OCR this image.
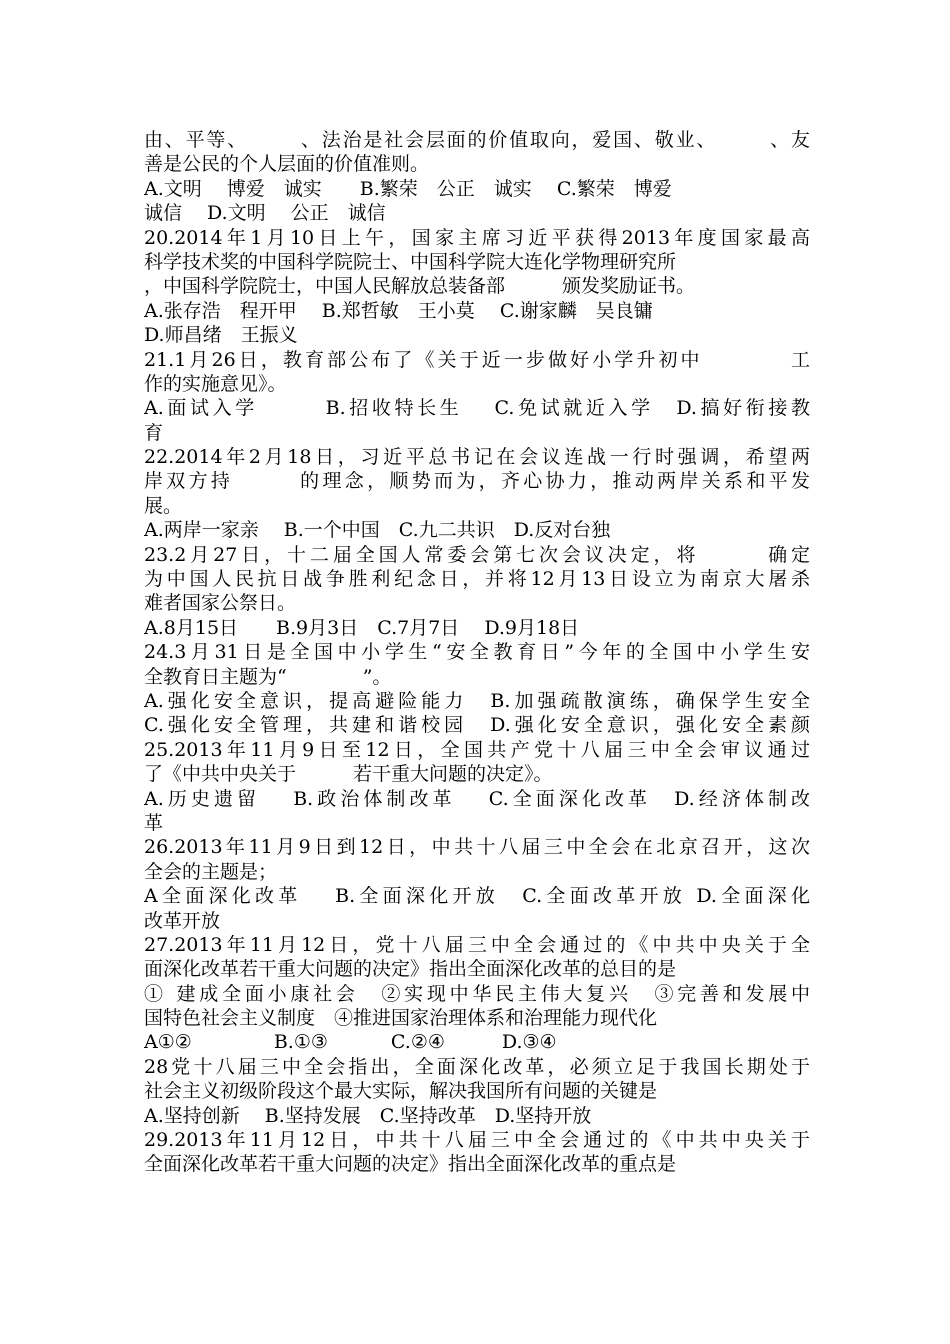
由、平等、　　　、法治是社会层面的价值取向，爱国、敬业、　　　、友
善是公民的个人层面的价值准则。
A.文明　 博爱　诚实　　B.繁荣　公正　诚实　 C.繁荣　博爱
诚信　 D.文明　 公正　诚信
20.2014年1月10日上午，国家主席习近平获得2013年度国家最高
科学技术奖的中国科学院院士、中国科学院大连化学物理研究所
，中国科学院院士，中国人民解放总装备部　　　颁发奖励证书。
A.张存浩　程开甲　 B.郑哲敏　王小莫　 C.谢家麟　吴良镛
D.师昌绪　王振义
21.1月26日，教育部公布了《关于近一步做好小学升初中　　　　工
作的实施意见》。
A.面试入学　　　B.招收特长生　 C.免试就近入学　D.搞好衔接教
育
22.2014年2月18日，习近平总书记在会议连战一行时强调，希望两
岸双方持　　　的理念，顺势而为，齐心协力，推动两岸关系和平发
展。
A.两岸一家亲　 B.一个中国　C.九二共识　D.反对台独
23.2月27日，十二届全国人常委会第七次会议决定，将　　　确定
为中国人民抗日战争胜利纪念日，并将12月13日设立为南京大屠杀
难者国家公祭日。
A.8月15日　　B.9月3日　C.7月7日　 D.9月18日
24.3月31日是全国中小学生“安全教育日”今年的全国中小学生安
全教育日主题为“　　　　”。
A.强化安全意识，提高避险能力　B.加强疏散演练，确保学生安全
C.强化安全管理，共建和谐校园　D.强化安全意识，强化安全素颜
25.2013年11月9日至12日，全国共产党十八届三中全会审议通过
了《中共中央关于　　　若干重大问题的决定》。
A.历史遗留　 B.政治体制改革　 C.全面深化改革　D.经济体制改
革
26.2013年11月9日到12日，中共十八届三中全会在北京召开，这次
全会的主题是；
A全面深化改革　 B.全面深化开放　C.全面改革开放 D.全面深化
改革开放
27.2013年11月12日，党十八届三中全会通过的《中共中央关于全
面深化改革若干重大问题的决定》指出全面深化改革的总目的是
① 建成全面小康社会　②实现中华民主伟大复兴　③完善和发展中
国特色社会主义制度　④推进国家治理体系和治理能力现代化
A①②　　　　 B.①③　　　 C.②④　　　D.③④
28党十八届三中全会指出，全面深化改革，必须立足于我国长期处于
社会主义初级阶段这个最大实际，解决我国所有问题的关键是
A.坚持创新　 B.坚持发展　C.坚持改革　D.坚持开放
29.2013年11月12日，中共十八届三中全会通过的《中共中央关于
全面深化改革若干重大问题的决定》指出全面深化改革的重点是
